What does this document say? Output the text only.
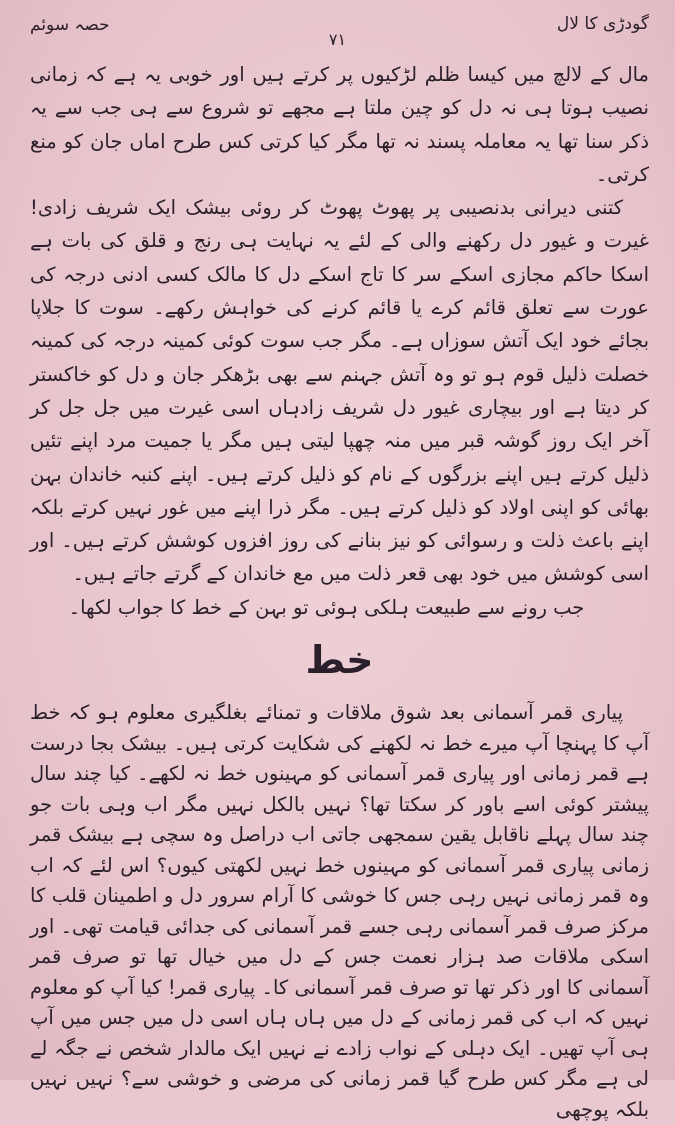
گودڑی کا لال
حصہ سوئم
۷۱

مال کے لالچ میں کیسا ظلم لڑکیوں پر کرتے ہیں اور خوبی یہ ہے کہ زمانی نصیب ہوتا ہی نہ دل کو چین ملتا ہے مجھے تو شروع سے ہی جب سے یہ ذکر سنا تھا یہ معاملہ پسند نہ تھا مگر کیا کرتی کس طرح اماں جان کو منع کرتی۔

کتنی دیرانی بدنصیبی پر پھوٹ پھوٹ کر روئی بیشک ایک شریف زادی! غیرت و غیور دل رکھنے والی کے لئے یہ نہایت ہی رنج و قلق کی بات ہے اسکا حاکم مجازی اسکے سر کا تاج اسکے دل کا مالک کسی ادنی درجہ کی عورت سے تعلق قائم کرے یا قائم کرنے کی خواہش رکھے۔ سوت کا جلاپا بجائے خود ایک آتش سوزاں ہے۔ مگر جب سوت کوئی کمینہ درجہ کی کمینہ خصلت ذلیل قوم ہو تو وہ آتش جہنم سے بھی بڑھکر جان و دل کو خاکستر کر دیتا ہے اور بیچاری غیور دل شریف زادہاں اسی غیرت میں جل جل کر آخر ایک روز گوشہ قبر میں منہ چھپا لیتی ہیں مگر یا جمیت مرد اپنے تئیں ذلیل کرتے ہیں اپنے بزرگوں کے نام کو ذلیل کرتے ہیں۔ اپنے کنبہ خاندان بہن بھائی کو اپنی اولاد کو ذلیل کرتے ہیں۔ مگر ذرا اپنے میں غور نہیں کرتے بلکہ اپنے باعث ذلت و رسوائی کو نیز بنانے کی روز افزوں کوشش کرتے ہیں۔ اور اسی کوشش میں خود بھی قعر ذلت میں مع خاندان کے گرتے جاتے ہیں۔

جب رونے سے طبیعت ہلکی ہوئی تو بہن کے خط کا جواب لکھا۔

خط

پیاری قمر آسمانی بعد شوق ملاقات و تمنائے بغلگیری معلوم ہو کہ خط آپ کا پہنچا آپ میرے خط نہ لکھنے کی شکایت کرتی ہیں۔ بیشک بجا درست ہے قمر زمانی اور پیاری قمر آسمانی کو مہینوں خط نہ لکھے۔ کیا چند سال پیشتر کوئی اسے باور کر سکتا تھا؟ نہیں بالکل نہیں مگر اب وہی بات جو چند سال پہلے ناقابل یقین سمجھی جاتی اب دراصل وہ سچی ہے بیشک قمر زمانی پیاری قمر آسمانی کو مہینوں خط نہیں لکھتی کیوں؟ اس لئے کہ اب وہ قمر زمانی نہیں رہی جس کا خوشی کا آرام سرور دل و اطمینان قلب کا مرکز صرف قمر آسمانی رہی جسے قمر آسمانی کی جدائی قیامت تھی۔ اور اسکی ملاقات صد ہزار نعمت جس کے دل میں خیال تھا تو صرف قمر آسمانی کا اور ذکر تھا تو صرف قمر آسمانی کا۔ پیاری قمر! کیا آپ کو معلوم نہیں کہ اب کی قمر زمانی کے دل میں ہاں ہاں اسی دل میں جس میں آپ ہی آپ تھیں۔ ایک دہلی کے نواب زادے نے نہیں ایک مالدار شخص نے جگہ لے لی ہے مگر کس طرح گیا قمر زمانی کی مرضی و خوشی سے؟ نہیں نہیں بلکہ پوچھی
